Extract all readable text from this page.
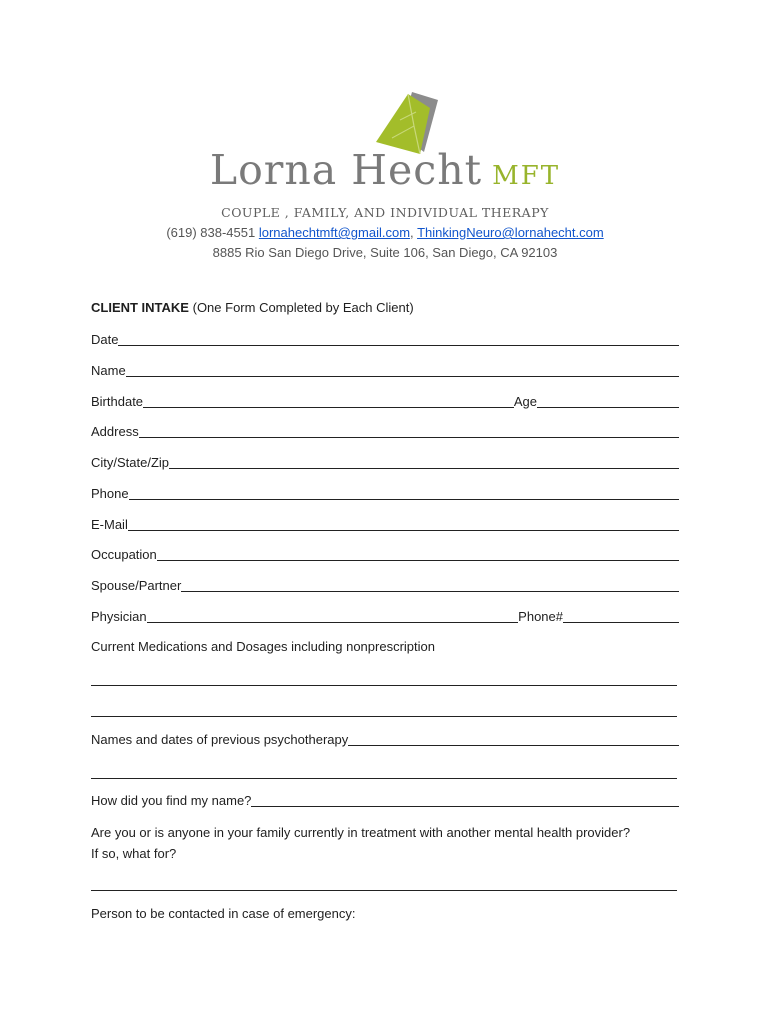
Lorna Hecht MFT
COUPLE , FAMILY, AND INDIVIDUAL THERAPY
(619) 838-4551 lornahechtmft@gmail.com, ThinkingNeuro@lornahecht.com
8885 Rio San Diego Drive, Suite 106, San Diego, CA 92103
CLIENT INTAKE (One Form Completed by Each Client)
Date
Name
Birthdate	Age
Address
City/State/Zip
Phone
E-Mail
Occupation
Spouse/Partner
Physician	Phone#
Current Medications and Dosages including nonprescription
Names and dates of previous psychotherapy
How did you find my name?
Are you or is anyone in your family currently in treatment with another mental health provider?
If so, what for?
Person to be contacted in case of emergency:
